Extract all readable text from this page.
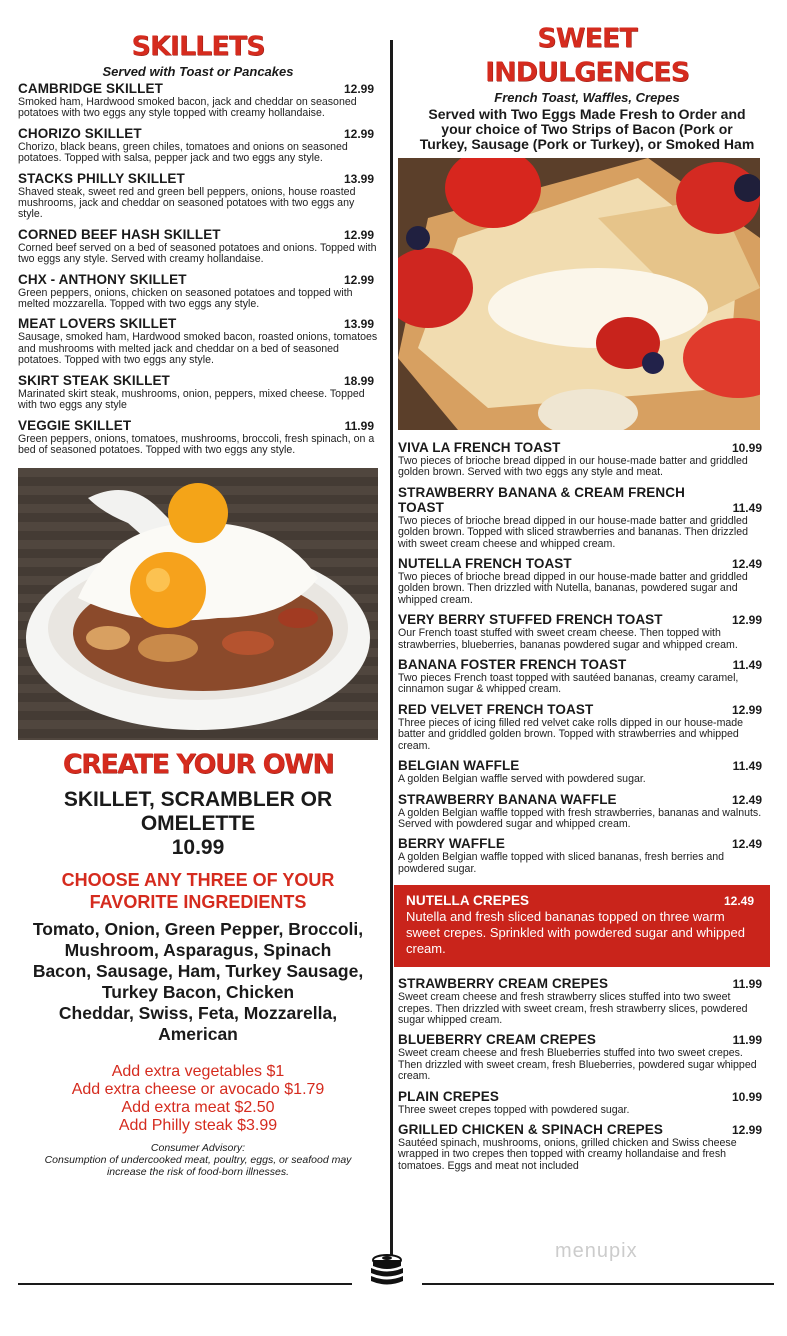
SKILLETS
Served with Toast or Pancakes
CAMBRIDGE SKILLET	12.99
Smoked ham, Hardwood smoked bacon, jack and cheddar on seasoned potatoes with two eggs any style topped with creamy hollandaise.
CHORIZO SKILLET	12.99
Chorizo, black beans, green chiles, tomatoes and onions on seasoned potatoes. Topped with salsa, pepper jack and two eggs any style.
STACKS PHILLY SKILLET	13.99
Shaved steak, sweet red and green bell peppers, onions, house roasted mushrooms, jack and cheddar on seasoned potatoes with two eggs any style.
CORNED BEEF HASH SKILLET	12.99
Corned beef served on a bed of seasoned potatoes and onions. Topped with two eggs any style. Served with creamy hollandaise.
CHX - ANTHONY SKILLET	12.99
Green peppers, onions, chicken on seasoned potatoes and topped with melted mozzarella. Topped with two eggs any style.
MEAT LOVERS SKILLET	13.99
Sausage, smoked ham, Hardwood smoked bacon, roasted onions, tomatoes and mushrooms with melted jack and cheddar on a bed of seasoned potatoes. Topped with two eggs any style.
SKIRT STEAK SKILLET	18.99
Marinated skirt steak, mushrooms, onion, peppers, mixed cheese. Topped with two eggs any style
VEGGIE SKILLET	11.99
Green peppers, onions, tomatoes, mushrooms, broccoli, fresh spinach, on a bed of seasoned potatoes. Topped with two eggs any style.
CREATE YOUR OWN
SKILLET, SCRAMBLER OR
OMELETTE
10.99
CHOOSE ANY THREE OF YOUR
FAVORITE INGREDIENTS
Tomato, Onion, Green Pepper, Broccoli,
Mushroom, Asparagus, Spinach
Bacon, Sausage, Ham, Turkey Sausage,
Turkey Bacon, Chicken
Cheddar, Swiss, Feta, Mozzarella,
American
Add extra vegetables $1
Add extra cheese or avocado $1.79
Add extra meat $2.50
Add Philly steak $3.99
Consumer Advisory:
Consumption of undercooked meat, poultry, eggs, or seafood may
increase the risk of food-born illnesses.
SWEET
INDULGENCES
French Toast, Waffles, Crepes
Served with Two Eggs Made Fresh to Order and
your choice of Two Strips of Bacon (Pork or
Turkey, Sausage (Pork or Turkey), or Smoked Ham
VIVA LA FRENCH TOAST	10.99
Two pieces of brioche bread dipped in our house-made batter and griddled golden brown. Served with two eggs any style and meat.
STRAWBERRY BANANA & CREAM FRENCH
TOAST	11.49
Two pieces of brioche bread dipped in our house-made batter and griddled golden brown. Topped with sliced strawberries and bananas. Then drizzled with sweet cream cheese and whipped cream.
NUTELLA FRENCH TOAST	12.49
Two pieces of brioche bread dipped in our house-made batter and griddled golden brown. Then drizzled with Nutella, bananas, powdered sugar and whipped cream.
VERY BERRY STUFFED FRENCH TOAST	12.99
Our French toast stuffed with sweet cream cheese. Then topped with strawberries, blueberries, bananas powdered sugar and whipped cream.
BANANA FOSTER FRENCH TOAST	11.49
Two pieces French toast topped with sautéed bananas, creamy caramel, cinnamon sugar & whipped cream.
RED VELVET FRENCH TOAST	12.99
Three pieces of icing filled red velvet cake rolls dipped in our house-made batter and griddled golden brown. Topped with strawberries and whipped cream.
BELGIAN WAFFLE	11.49
A golden Belgian waffle served with powdered sugar.
STRAWBERRY BANANA WAFFLE	12.49
A golden Belgian waffle topped with fresh strawberries, bananas and walnuts. Served with powdered sugar and whipped cream.
BERRY WAFFLE	12.49
A golden Belgian waffle topped with sliced bananas, fresh berries and powdered sugar.
NUTELLA CREPES	12.49
Nutella and fresh sliced bananas topped on three warm sweet crepes. Sprinkled with powdered sugar and whipped cream.
STRAWBERRY CREAM CREPES	11.99
Sweet cream cheese and fresh strawberry slices stuffed into two sweet crepes. Then drizzled with sweet cream, fresh strawberry slices, powdered sugar whipped cream.
BLUEBERRY CREAM CREPES	11.99
Sweet cream cheese and fresh Blueberries stuffed into two sweet crepes. Then drizzled with sweet cream, fresh Blueberries, powdered sugar whipped cream.
PLAIN CREPES	10.99
Three sweet crepes topped with powdered sugar.
GRILLED CHICKEN & SPINACH CREPES	12.99
Sautéed spinach, mushrooms, onions, grilled chicken and Swiss cheese wrapped in two crepes then topped with creamy hollandaise and fresh tomatoes. Eggs and meat not included
menupix
